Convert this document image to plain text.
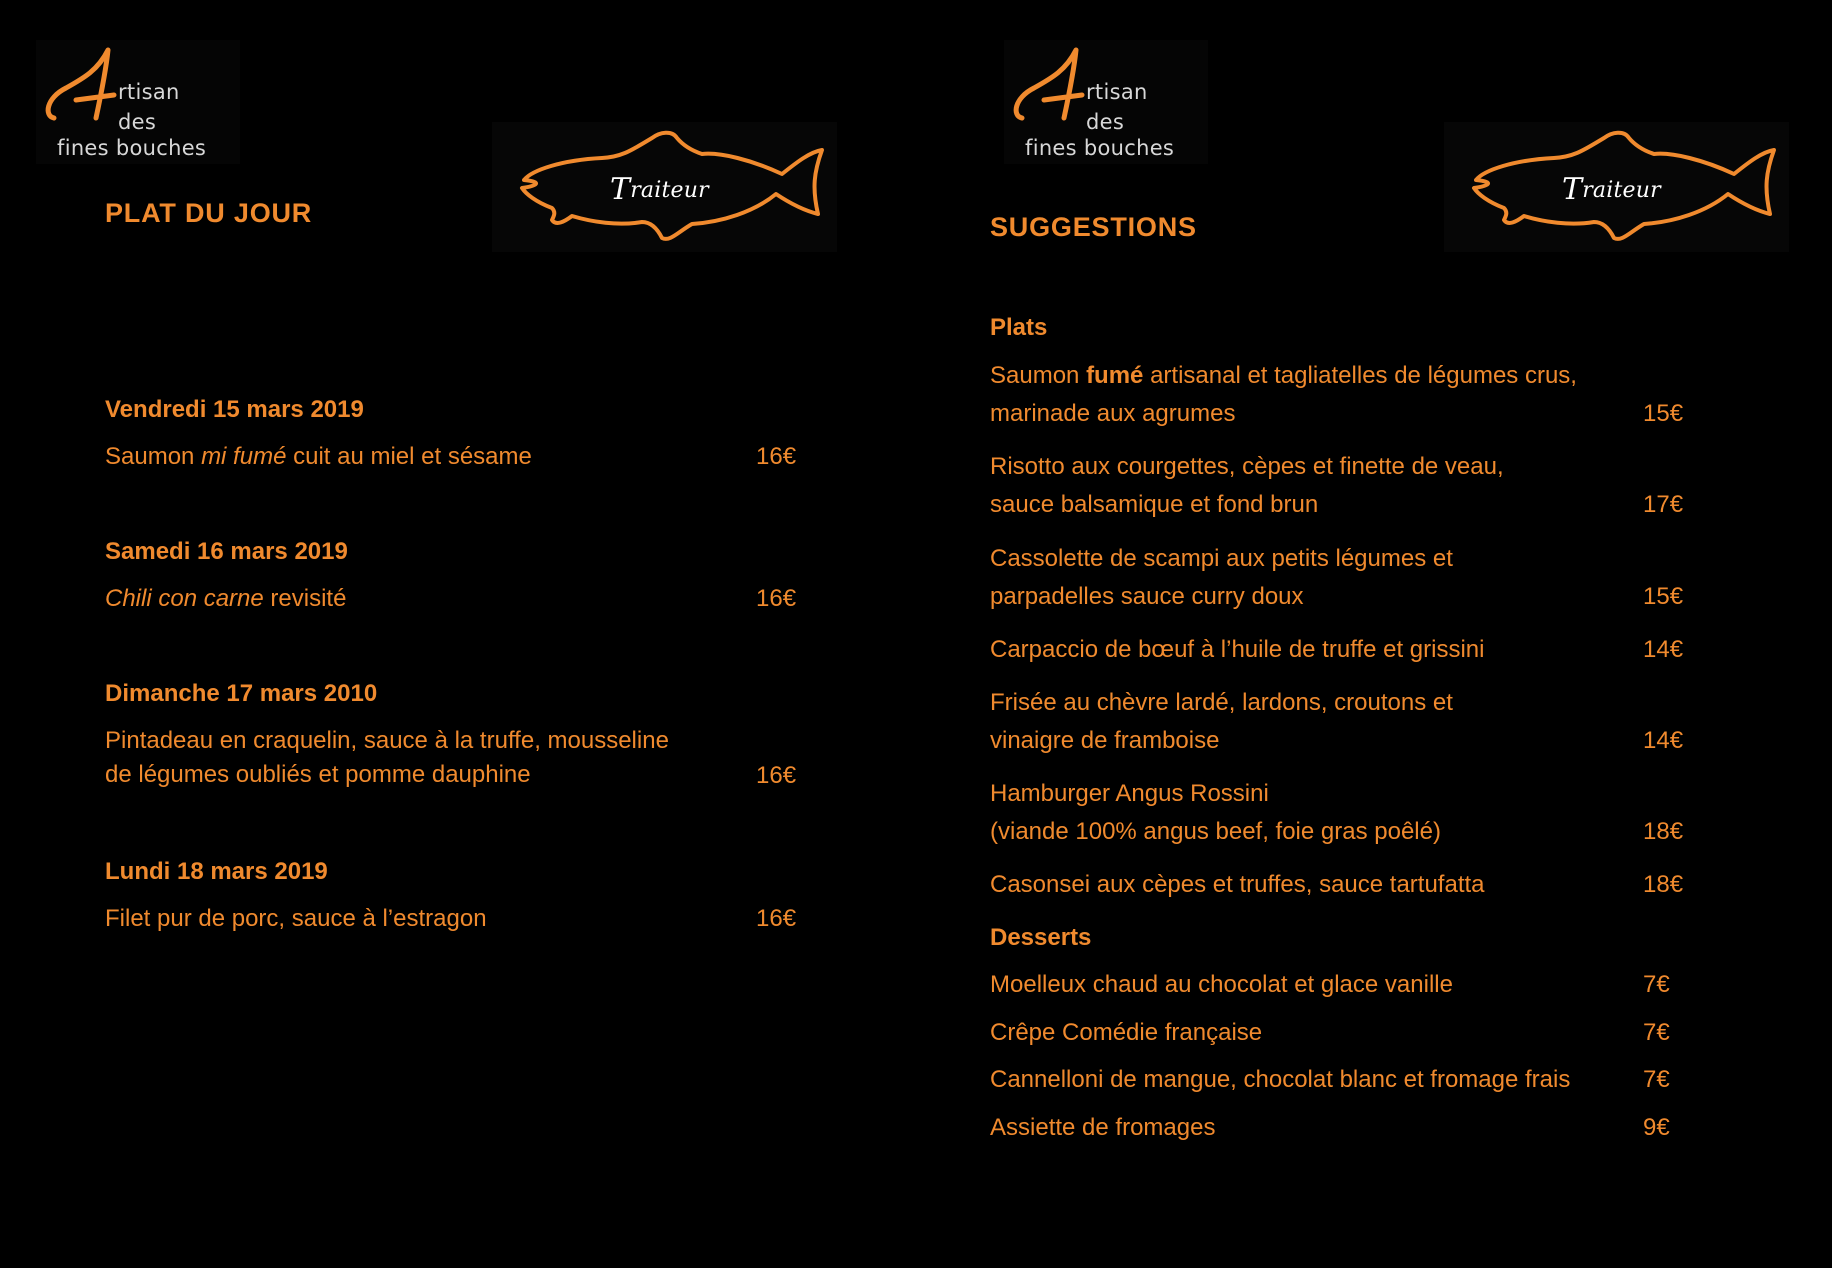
rtisan
des
fines bouches
Traiteur
PLAT DU JOUR
Vendredi 15 mars 2019
Saumon mi fumé cuit au miel et sésame	16€
Samedi 16 mars 2019
Chili con carne revisité	16€
Dimanche 17 mars 2010
Pintadeau en craquelin, sauce à la truffe, mousseline
de légumes oubliés et pomme dauphine	16€
Lundi 18 mars 2019
Filet pur de porc, sauce à l’estragon	16€
rtisan
des
fines bouches
Traiteur
SUGGESTIONS
Plats
Saumon fumé artisanal et tagliatelles de légumes crus,
marinade aux agrumes	15€
Risotto aux courgettes, cèpes et finette de veau,
sauce balsamique et fond brun	17€
Cassolette de scampi aux petits légumes et
parpadelles sauce curry doux	15€
Carpaccio de bœuf à l’huile de truffe et grissini	14€
Frisée au chèvre lardé, lardons, croutons et
vinaigre de framboise	14€
Hamburger Angus Rossini
(viande 100% angus beef, foie gras poêlé)	18€
Casonsei aux cèpes et truffes, sauce tartufatta	18€
Desserts
Moelleux chaud au chocolat et glace vanille	7€
Crêpe Comédie française	7€
Cannelloni de mangue, chocolat blanc et fromage frais	7€
Assiette de fromages	9€
